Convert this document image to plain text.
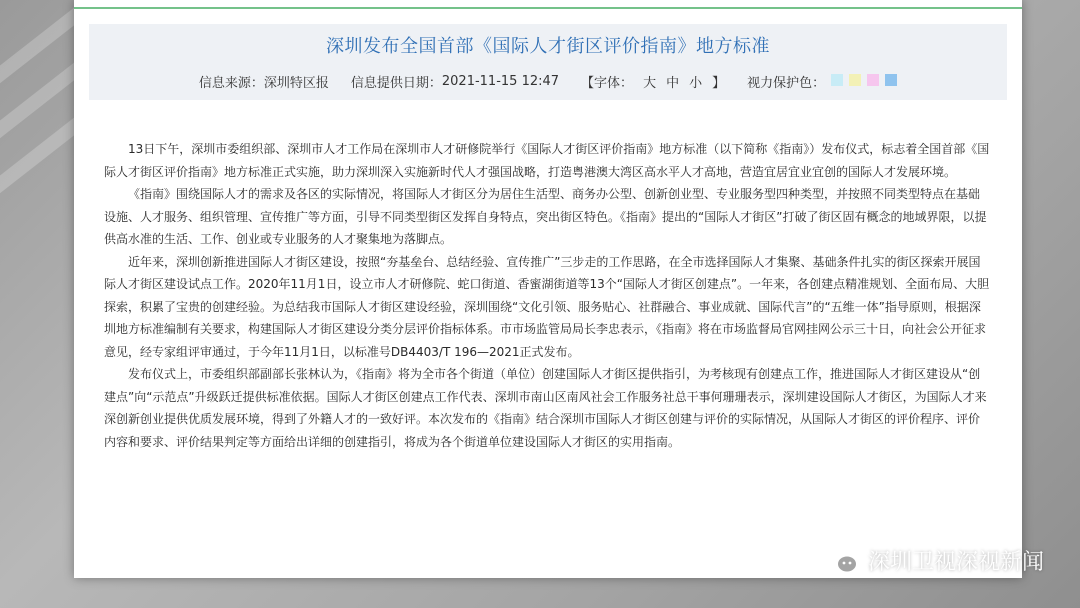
深圳发布全国首部《国际人才街区评价指南》地方标准
信息来源： 深圳特区报 信息提供日期： 2021-11-15 12:47 【字体： 大 中 小 】 视力保护色：

13日下午，深圳市委组织部、深圳市人才工作局在深圳市人才研修院举行《国际人才街区评价指南》地方标准（以下简称《指南》）发布仪式，标志着全国首部《国际人才街区评价指南》地方标准正式实施，助力深圳深入实施新时代人才强国战略，打造粤港澳大湾区高水平人才高地，营造宜居宜业宜创的国际人才发展环境。

《指南》围绕国际人才的需求及各区的实际情况，将国际人才街区分为居住生活型、商务办公型、创新创业型、专业服务型四种类型，并按照不同类型特点在基础设施、人才服务、组织管理、宣传推广等方面，引导不同类型街区发挥自身特点，突出街区特色。《指南》提出的“国际人才街区”打破了街区固有概念的地域界限，以提供高水准的生活、工作、创业或专业服务的人才聚集地为落脚点。

近年来，深圳创新推进国际人才街区建设，按照“夯基垒台、总结经验、宣传推广”三步走的工作思路，在全市选择国际人才集聚、基础条件扎实的街区探索开展国际人才街区建设试点工作。2020年11月1日，设立市人才研修院、蛇口街道、香蜜湖街道等13个“国际人才街区创建点”。一年来，各创建点精准规划、全面布局、大胆探索，积累了宝贵的创建经验。为总结我市国际人才街区建设经验，深圳围绕“文化引领、服务贴心、社群融合、事业成就、国际代言”的“五维一体”指导原则，根据深圳地方标准编制有关要求，构建国际人才街区建设分类分层评价指标体系。市市场监管局局长李忠表示，《指南》将在市场监督局官网挂网公示三十日，向社会公开征求意见，经专家组评审通过，于今年11月1日，以标准号DB4403/T 196—2021正式发布。

发布仪式上，市委组织部副部长张林认为，《指南》将为全市各个街道（单位）创建国际人才街区提供指引，为考核现有创建点工作，推进国际人才街区建设从“创建点”向“示范点”升级跃迁提供标准依据。国际人才街区创建点工作代表、深圳市南山区南风社会工作服务社总干事何珊珊表示，深圳建设国际人才街区，为国际人才来深创新创业提供优质发展环境，得到了外籍人才的一致好评。本次发布的《指南》结合深圳市国际人才街区创建与评价的实际情况，从国际人才街区的评价程序、评价内容和要求、评价结果判定等方面给出详细的创建指引，将成为各个街道单位建设国际人才街区的实用指南。

深圳卫视深视新闻
